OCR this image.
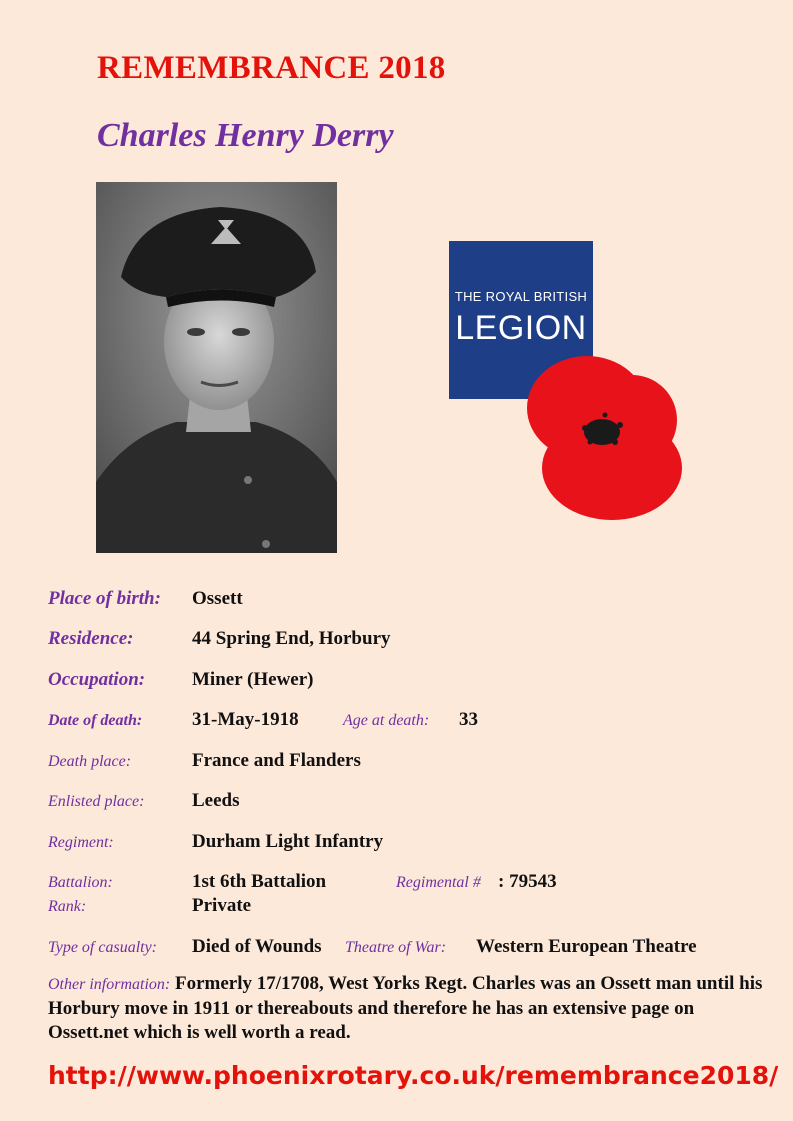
REMEMBRANCE 2018
Charles Henry Derry
THE ROYAL BRITISH
LEGION
Place of birth: Ossett
Residence:	44 Spring End, Horbury
Occupation: Miner (Hewer)
Date of death:	31-May-1918	Age at death: 33
Death place:	France and Flanders
Enlisted place:	Leeds
Regiment:	Durham Light Infantry
Battalion:	1st 6th Battalion	Regimental # : 79543
Rank:	Private
Type of casualty: Died of Wounds Theatre of War: Western European Theatre
Other information: Formerly 17/1708, West Yorks Regt. Charles was an Ossett man until his Horbury move in 1911 or thereabouts and therefore he has an extensive page on Ossett.net which is well worth a read.
http://www.phoenixrotary.co.uk/remembrance2018/
